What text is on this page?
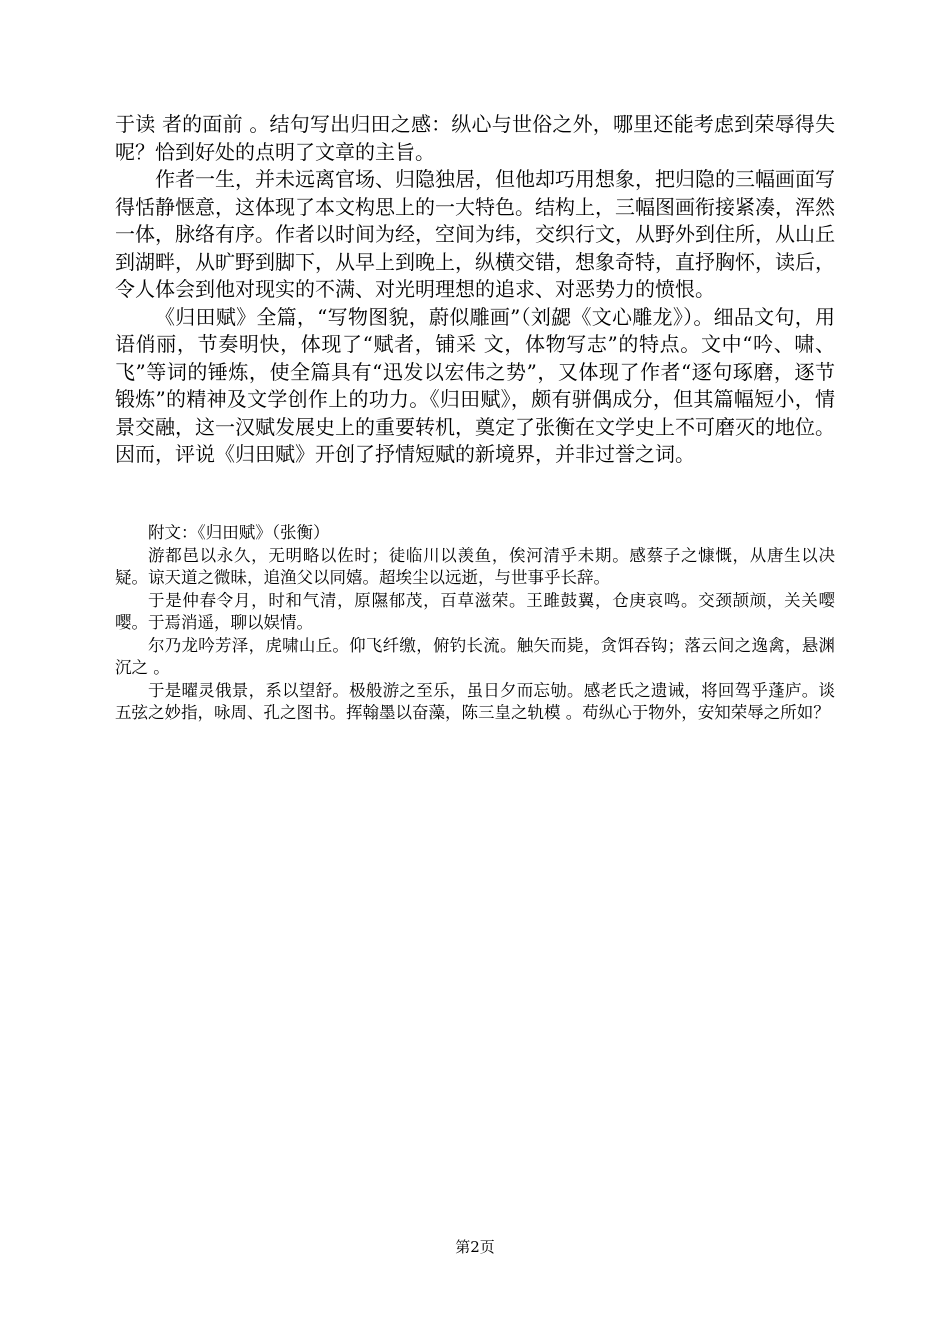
于读 者的面前 。结句写出归田之感：纵心与世俗之外，哪里还能考虑到荣辱得失呢？恰到好处的点明了文章的主旨。

作者一生，并未远离官场、归隐独居，但他却巧用想象，把归隐的三幅画面写得恬静惬意，这体现了本文构思上的一大特色。结构上，三幅图画衔接紧凑，浑然一体，脉络有序。作者以时间为经，空间为纬，交织行文，从野外到住所，从山丘到湖畔，从旷野到脚下，从早上到晚上，纵横交错，想象奇特，直抒胸怀，读后，令人体会到他对现实的不满、对光明理想的追求、对恶势力的愤恨。

《归田赋》全篇，“写物图貌，蔚似雕画”（刘勰《文心雕龙》）。细品文句，用语俏丽，节奏明快，体现了“赋者，铺采 文，体物写志”的特点。文中“吟、啸、飞”等词的锤炼，使全篇具有“迅发以宏伟之势”，又体现了作者“逐句琢磨，逐节锻炼”的精神及文学创作上的功力。《归田赋》，颇有骈偶成分，但其篇幅短小，情景交融，这一汉赋发展史上的重要转机，奠定了张衡在文学史上不可磨灭的地位。因而，评说《归田赋》开创了抒情短赋的新境界，并非过誉之词。

附文：《归田赋》（张衡）

游都邑以永久，无明略以佐时；徒临川以羡鱼，俟河清乎未期。感蔡子之慷慨，从唐生以决疑。谅天道之微昧，追渔父以同嬉。超埃尘以远逝，与世事乎长辞。

于是仲春令月，时和气清，原隰郁茂，百草滋荣。王雎鼓翼，仓庚哀鸣。交颈颉颃，关关嘤嘤。于焉消遥，聊以娱情。

尔乃龙吟芳泽，虎啸山丘。仰飞纤缴，俯钓长流。触矢而毙，贪饵吞钩；落云间之逸禽，悬渊沉之 。

于是曜灵俄景，系以望舒。极般游之至乐，虽日夕而忘劬。感老氏之遗诫，将回驾乎蓬庐。谈五弦之妙指，咏周、孔之图书。挥翰墨以奋藻，陈三皇之轨模 。苟纵心于物外，安知荣辱之所如？

第2页
